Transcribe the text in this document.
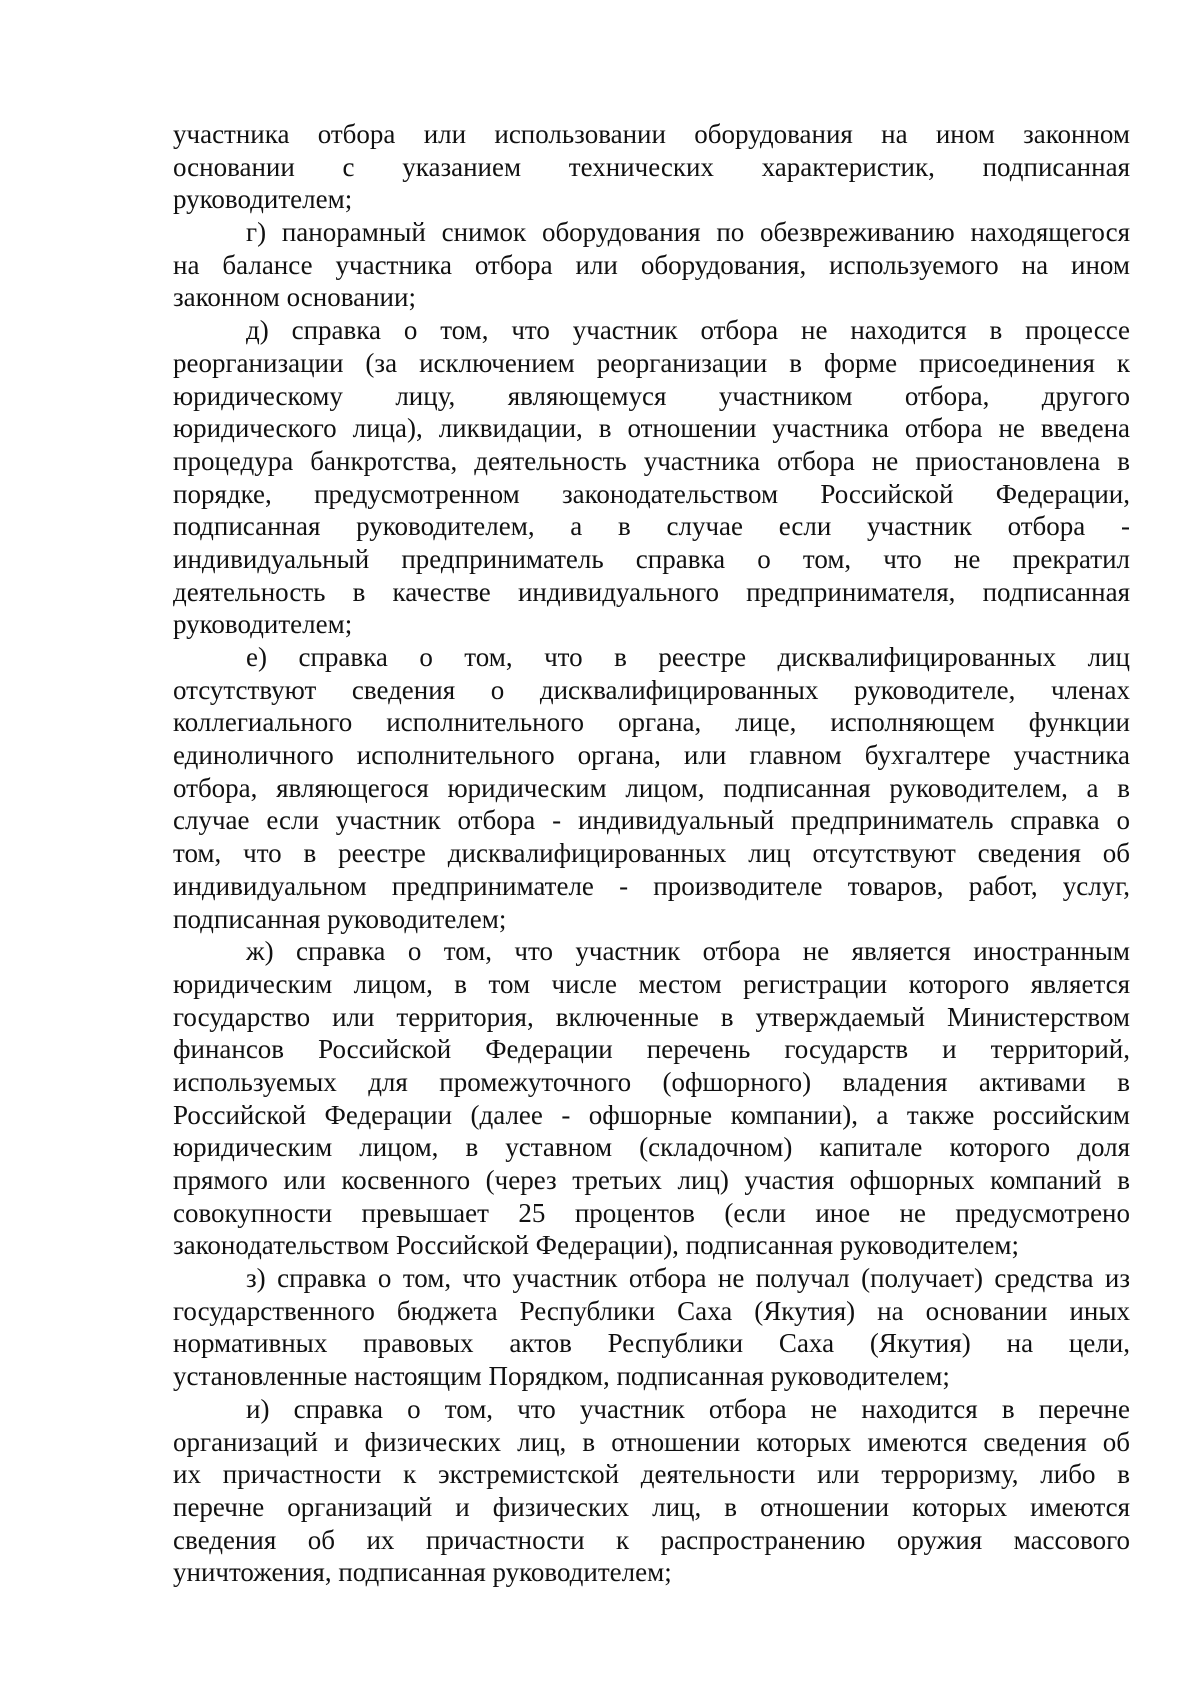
участника отбора или использовании оборудования на ином законном
основании с указанием технических характеристик, подписанная
руководителем;
г) панорамный снимок оборудования по обезвреживанию находящегося
на балансе участника отбора или оборудования, используемого на ином
законном основании;
д) справка о том, что участник отбора не находится в процессе
реорганизации (за исключением реорганизации в форме присоединения к
юридическому лицу, являющемуся участником отбора, другого
юридического лица), ликвидации, в отношении участника отбора не введена
процедура банкротства, деятельность участника отбора не приостановлена в
порядке, предусмотренном законодательством Российской Федерации,
подписанная руководителем, а в случае если участник отбора -
индивидуальный предприниматель справка о том, что не прекратил
деятельность в качестве индивидуального предпринимателя, подписанная
руководителем;
е) справка о том, что в реестре дисквалифицированных лиц
отсутствуют сведения о дисквалифицированных руководителе, членах
коллегиального исполнительного органа, лице, исполняющем функции
единоличного исполнительного органа, или главном бухгалтере участника
отбора, являющегося юридическим лицом, подписанная руководителем, а в
случае если участник отбора - индивидуальный предприниматель справка о
том, что в реестре дисквалифицированных лиц отсутствуют сведения об
индивидуальном предпринимателе - производителе товаров, работ, услуг,
подписанная руководителем;
ж) справка о том, что участник отбора не является иностранным
юридическим лицом, в том числе местом регистрации которого является
государство или территория, включенные в утверждаемый Министерством
финансов Российской Федерации перечень государств и территорий,
используемых для промежуточного (офшорного) владения активами в
Российской Федерации (далее - офшорные компании), а также российским
юридическим лицом, в уставном (складочном) капитале которого доля
прямого или косвенного (через третьих лиц) участия офшорных компаний в
совокупности превышает 25 процентов (если иное не предусмотрено
законодательством Российской Федерации), подписанная руководителем;
з) справка о том, что участник отбора не получал (получает) средства из
государственного бюджета Республики Саха (Якутия) на основании иных
нормативных правовых актов Республики Саха (Якутия) на цели,
установленные настоящим Порядком, подписанная руководителем;
и) справка о том, что участник отбора не находится в перечне
организаций и физических лиц, в отношении которых имеются сведения об
их причастности к экстремистской деятельности или терроризму, либо в
перечне организаций и физических лиц, в отношении которых имеются
сведения об их причастности к распространению оружия массового
уничтожения, подписанная руководителем;
